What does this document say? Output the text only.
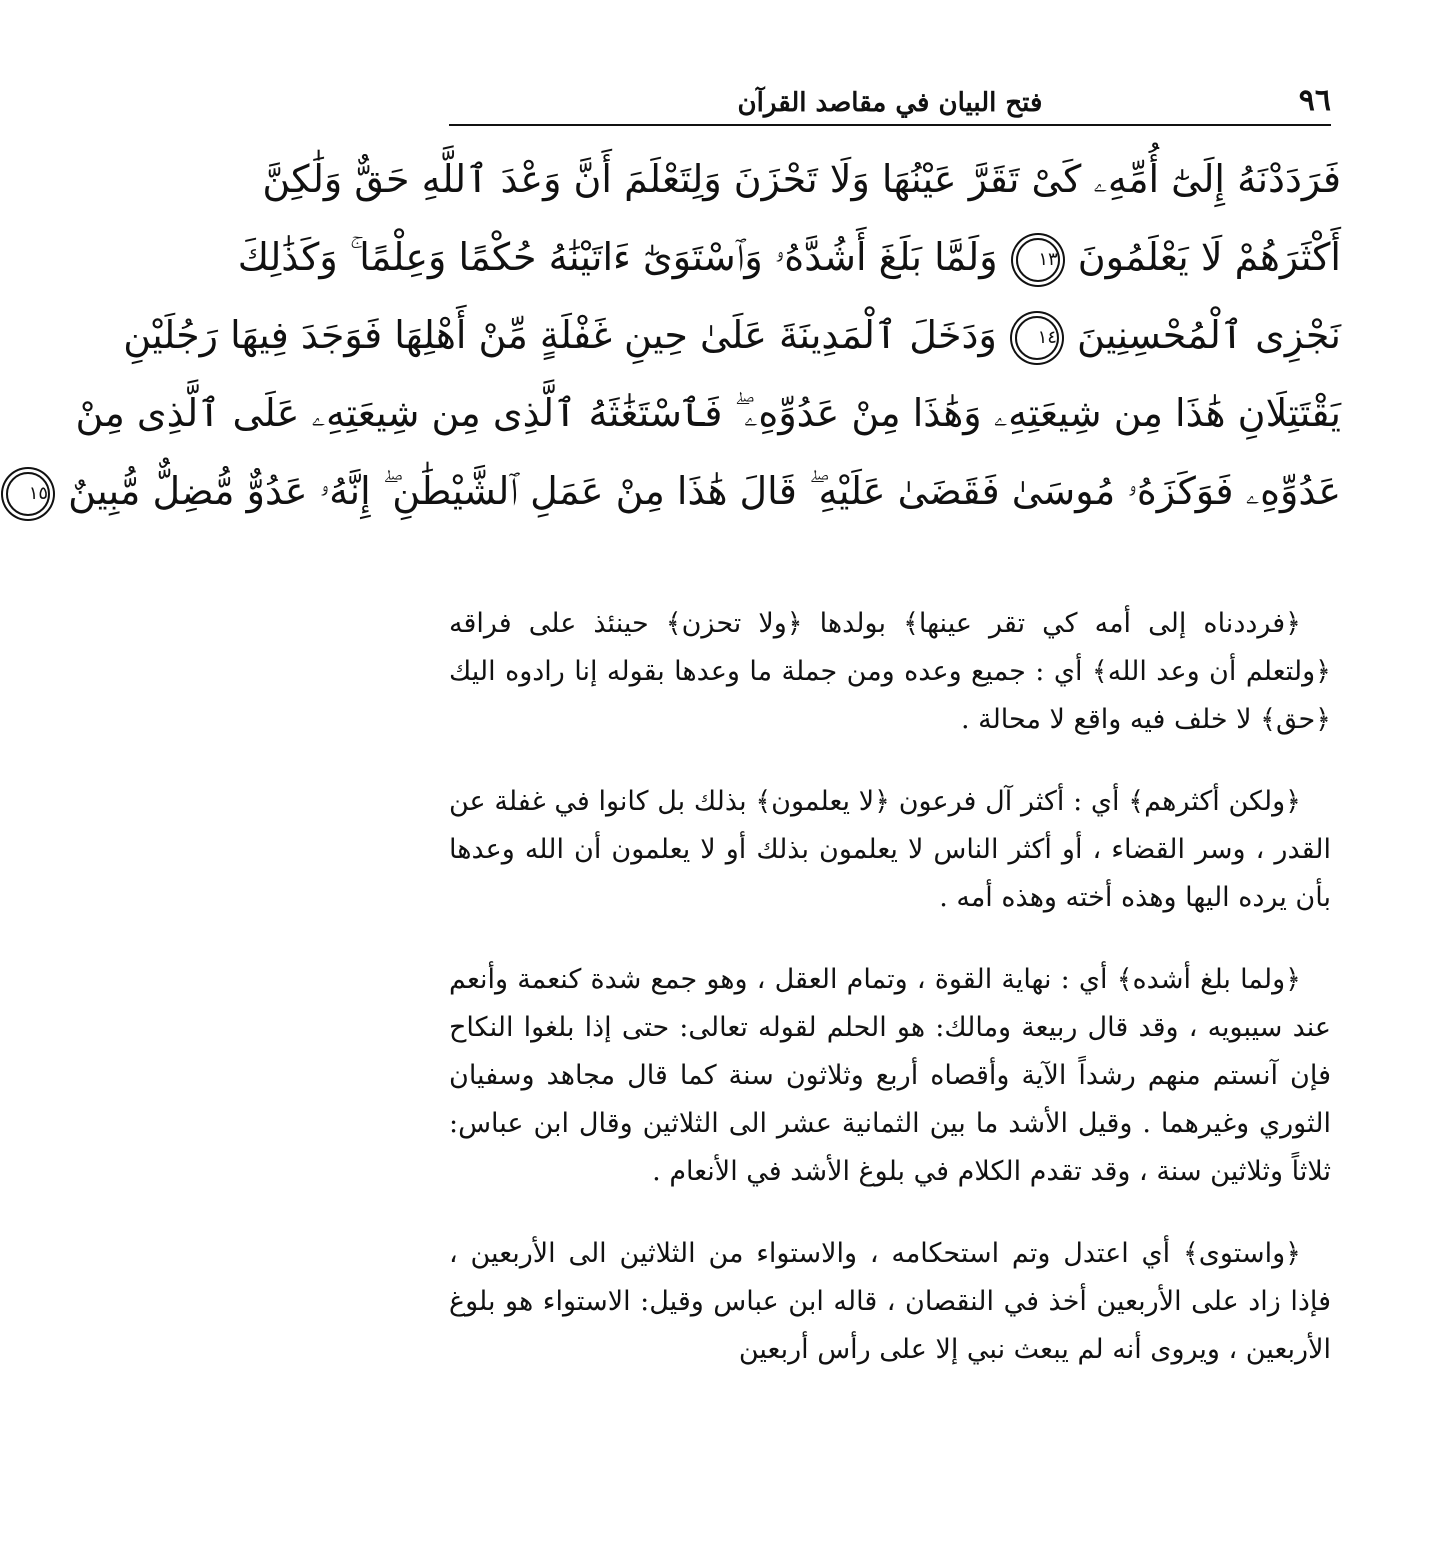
٩٦
فتح البيان في مقاصد القرآن
فَرَدَدْنَهُ إِلَىٰٓ أُمِّهِۦ كَىْ تَقَرَّ عَيْنُهَا وَلَا تَحْزَنَ وَلِتَعْلَمَ أَنَّ وَعْدَ ٱللَّهِ حَقٌّ وَلَٰكِنَّ
أَكْثَرَهُمْ لَا يَعْلَمُونَ ١٣ وَلَمَّا بَلَغَ أَشُدَّهُۥ وَٱسْتَوَىٰٓ ءَاتَيْنَٰهُ حُكْمًا وَعِلْمًا ۚ وَكَذَٰلِكَ
نَجْزِى ٱلْمُحْسِنِينَ ١٤ وَدَخَلَ ٱلْمَدِينَةَ عَلَىٰ حِينِ غَفْلَةٍ مِّنْ أَهْلِهَا فَوَجَدَ فِيهَا رَجُلَيْنِ
يَقْتَتِلَانِ هَٰذَا مِن شِيعَتِهِۦ وَهَٰذَا مِنْ عَدُوِّهِۦ ۖ فَٱسْتَغَٰثَهُ ٱلَّذِى مِن شِيعَتِهِۦ عَلَى ٱلَّذِى مِنْ
عَدُوِّهِۦ فَوَكَزَهُۥ مُوسَىٰ فَقَضَىٰ عَلَيْهِ ۖ قَالَ هَٰذَا مِنْ عَمَلِ ٱلشَّيْطَٰنِ ۖ إِنَّهُۥ عَدُوٌّ مُّضِلٌّ مُّبِينٌ ١٥

﴿فرددناه إلى أمه كي تقر عينها﴾ بولدها ﴿ولا تحزن﴾ حينئذ على فراقه ﴿ولتعلم أن وعد الله﴾ أي : جميع وعده ومن جملة ما وعدها بقوله إنا رادوه اليك ﴿حق﴾ لا خلف فيه واقع لا محالة .

﴿ولكن أكثرهم﴾ أي : أكثر آل فرعون ﴿لا يعلمون﴾ بذلك بل كانوا في غفلة عن القدر ، وسر القضاء ، أو أكثر الناس لا يعلمون بذلك أو لا يعلمون أن الله وعدها بأن يرده اليها وهذه أخته وهذه أمه .

﴿ولما بلغ أشده﴾ أي : نهاية القوة ، وتمام العقل ، وهو جمع شدة كنعمة وأنعم عند سيبويه ، وقد قال ربيعة ومالك: هو الحلم لقوله تعالى: حتى إذا بلغوا النكاح فإن آنستم منهم رشداً الآية وأقصاه أربع وثلاثون سنة كما قال مجاهد وسفيان الثوري وغيرهما . وقيل الأشد ما بين الثمانية عشر الى الثلاثين وقال ابن عباس: ثلاثاً وثلاثين سنة ، وقد تقدم الكلام في بلوغ الأشد في الأنعام .

﴿واستوى﴾ أي اعتدل وتم استحكامه ، والاستواء من الثلاثين الى الأربعين ، فإذا زاد على الأربعين أخذ في النقصان ، قاله ابن عباس وقيل: الاستواء هو بلوغ الأربعين ، ويروى أنه لم يبعث نبي إلا على رأس أربعين
